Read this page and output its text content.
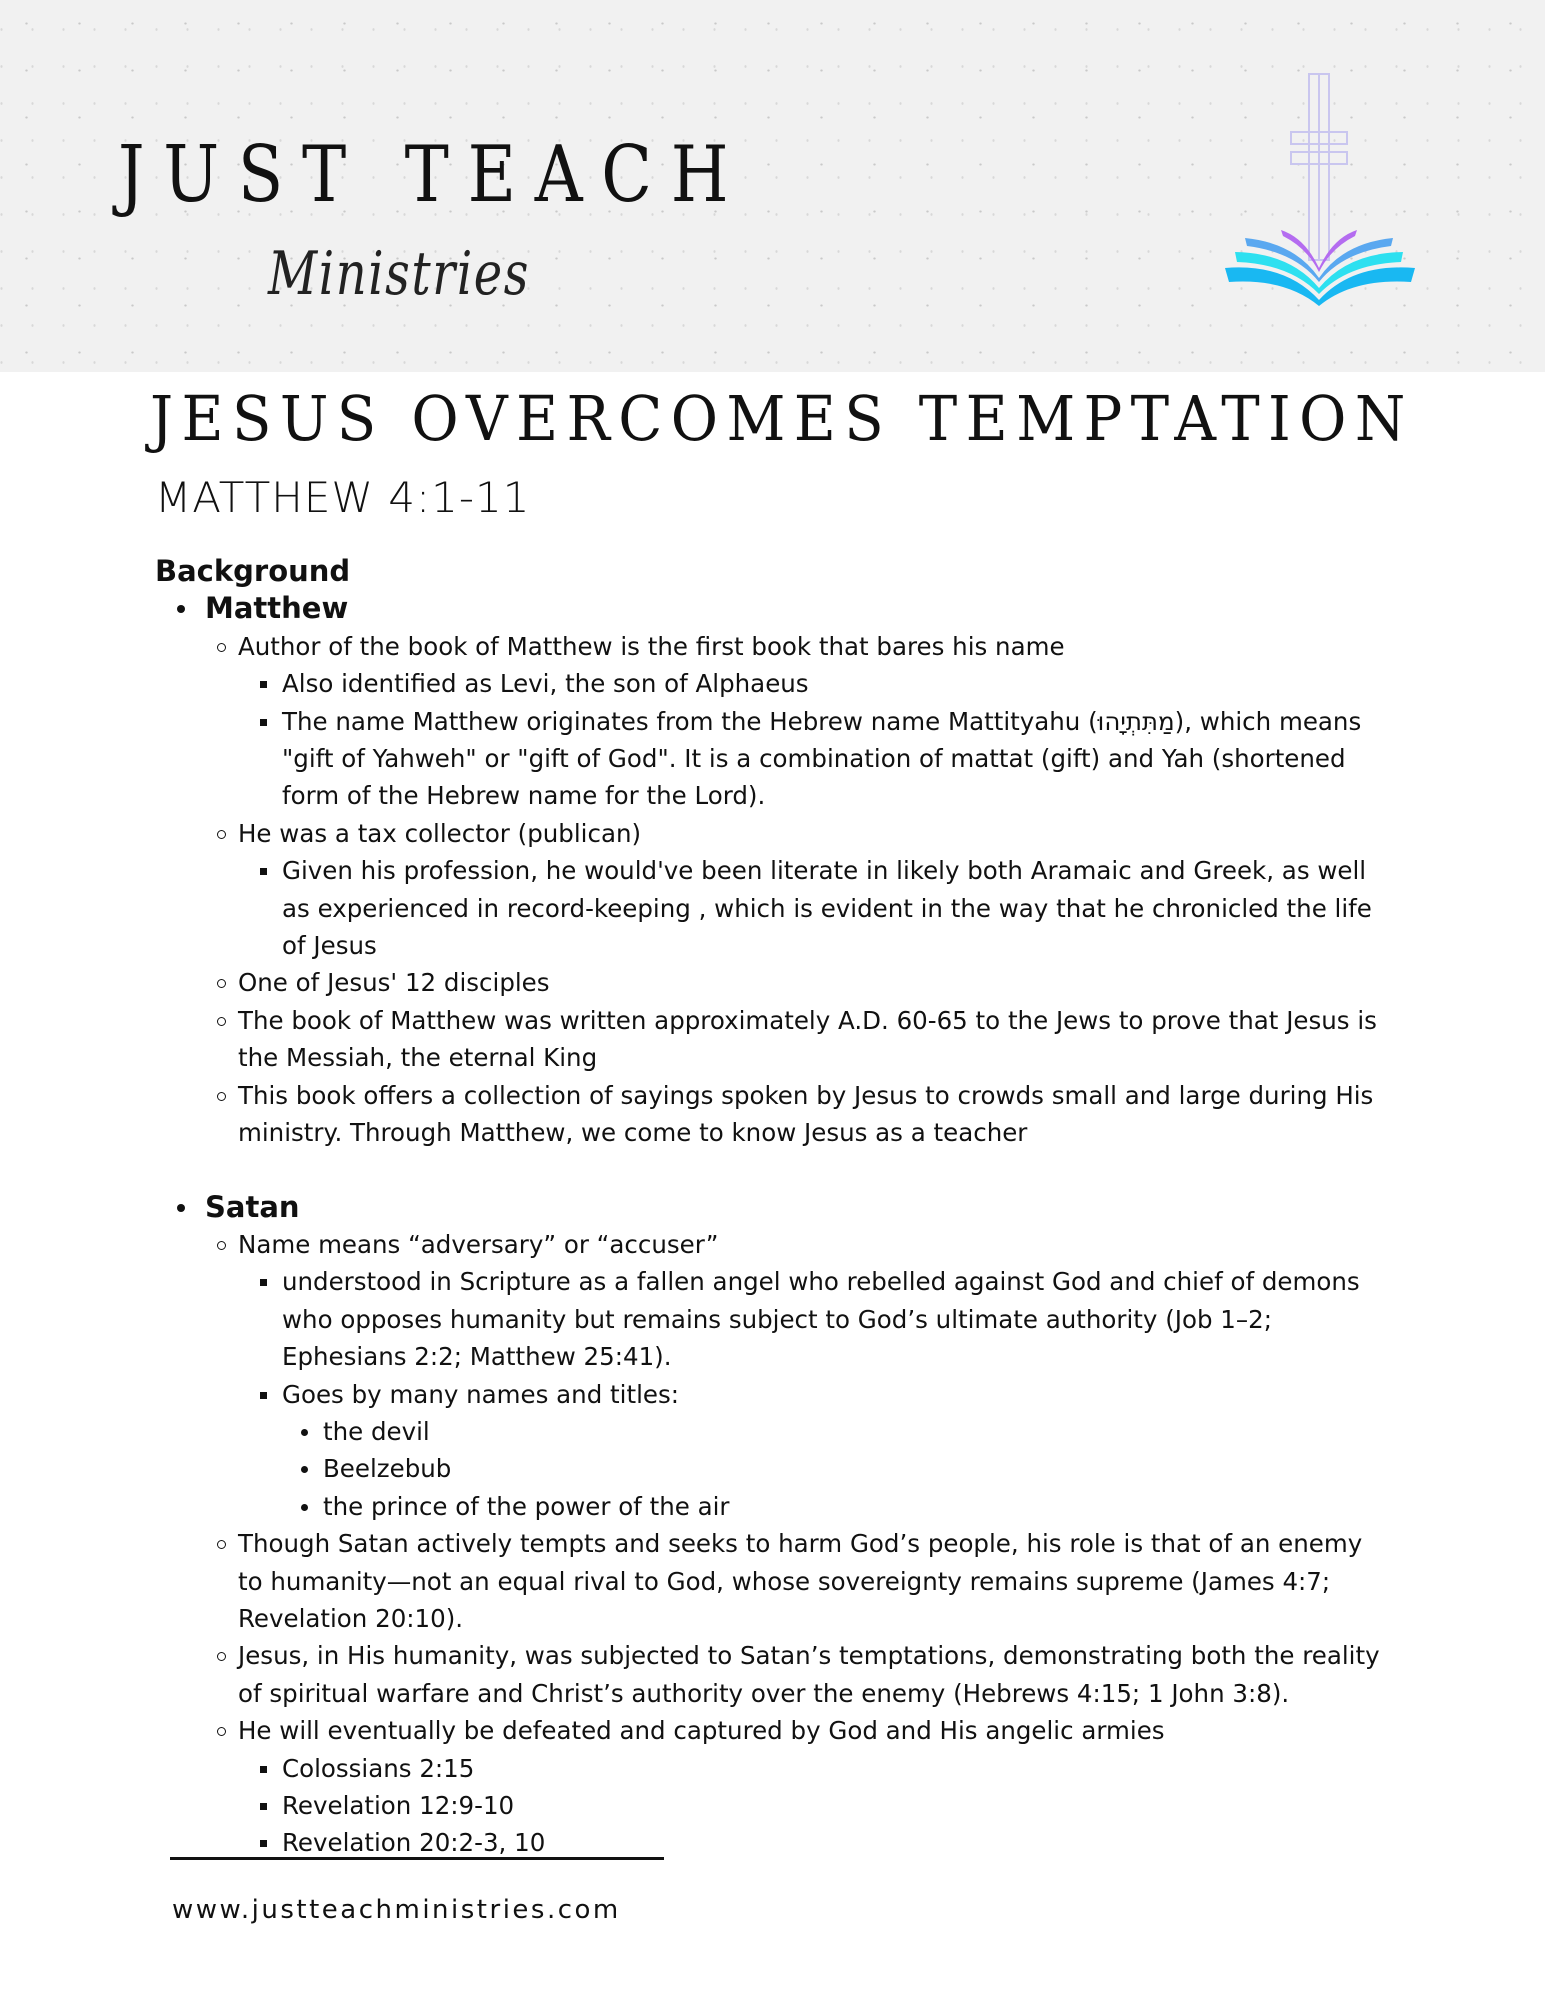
JUST TEACH
Ministries
JESUS OVERCOMES TEMPTATION
MATTHEW 4:1-11
Background
Matthew
Author of the book of Matthew is the first book that bares his name
Also identified as Levi, the son of Alphaeus
The name Matthew originates from the Hebrew name Mattityahu (מַתִּתְיָהוּ), which means "gift of Yahweh" or "gift of God". It is a combination of mattat (gift) and Yah (shortened form of the Hebrew name for the Lord).
He was a tax collector (publican)
Given his profession, he would've been literate in likely both Aramaic and Greek, as well as experienced in record-keeping , which is evident in the way that he chronicled the life of Jesus
One of Jesus' 12 disciples
The book of Matthew was written approximately A.D. 60-65 to the Jews to prove that Jesus is the Messiah, the eternal King
This book offers a collection of sayings spoken by Jesus to crowds small and large during His ministry. Through Matthew, we come to know Jesus as a teacher
Satan
Name means “adversary” or “accuser”
understood in Scripture as a fallen angel who rebelled against God and chief of demons who opposes humanity but remains subject to God’s ultimate authority (Job 1–2; Ephesians 2:2; Matthew 25:41).
Goes by many names and titles:
the devil
Beelzebub
the prince of the power of the air
Though Satan actively tempts and seeks to harm God’s people, his role is that of an enemy to humanity—not an equal rival to God, whose sovereignty remains supreme (James 4:7; Revelation 20:10).
Jesus, in His humanity, was subjected to Satan’s temptations, demonstrating both the reality of spiritual warfare and Christ’s authority over the enemy (Hebrews 4:15; 1 John 3:8).
He will eventually be defeated and captured by God and His angelic armies
Colossians 2:15
Revelation 12:9-10
Revelation 20:2-3, 10
www.justteachministries.com
